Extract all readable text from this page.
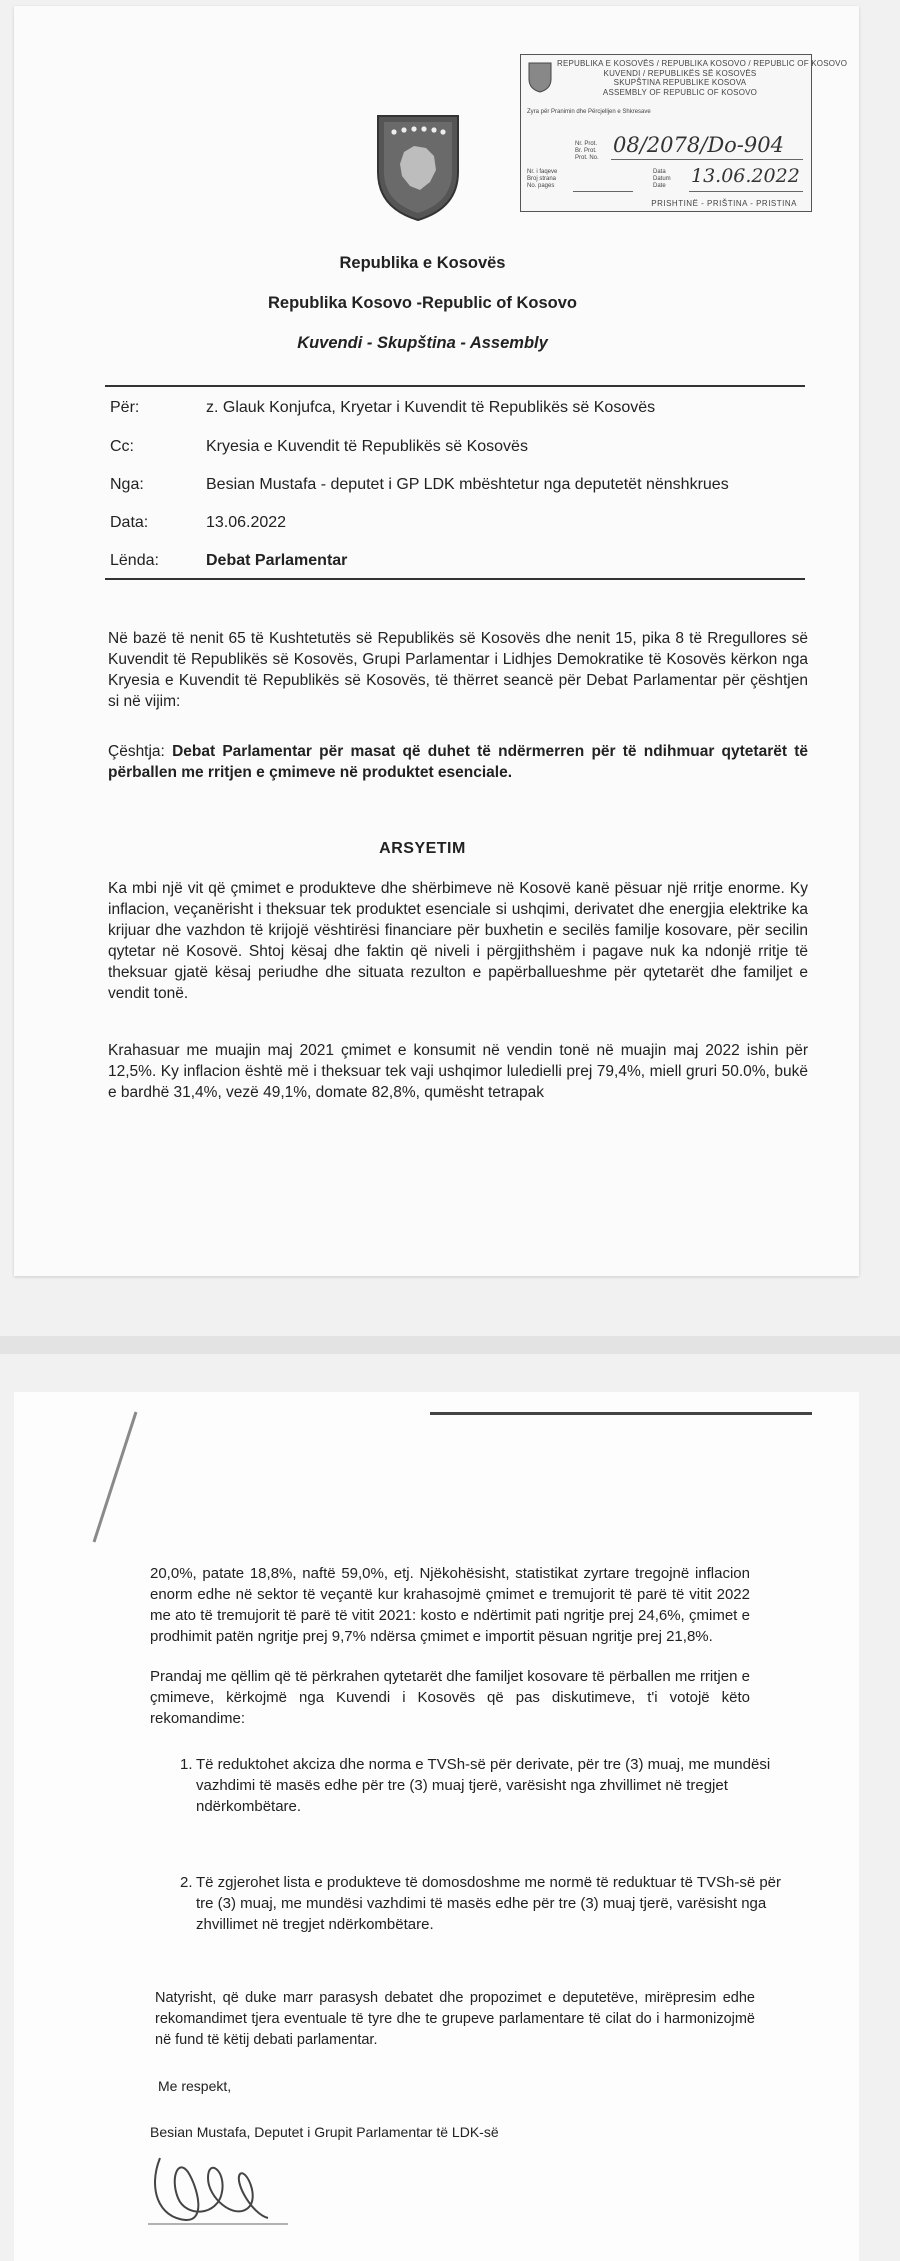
REPUBLIKA E KOSOVËS / REPUBLIKA KOSOVO / REPUBLIC OF KOSOVO
KUVENDI / REPUBLIKËS SË KOSOVËS
SKUPŠTINA REPUBLIKE KOSOVA
ASSEMBLY OF REPUBLIC OF KOSOVO
Zyra për Pranimin dhe Përcjelljen e Shkresave
Nr. Prot.
Br. Prot.
Prot. No.
08/2078/Do-904
Nr. i faqeve
Broj strana
No. pages
Data
Datum
Date 13.06.2022
PRISHTINË - PRIŠTINA - PRISTINA
Republika e Kosovës
Republika Kosovo -Republic of Kosovo
Kuvendi - Skupština - Assembly
Për:	z. Glauk Konjufca, Kryetar i Kuvendit të Republikës së Kosovës
Cc:	Kryesia e Kuvendit të Republikës së Kosovës
Nga:	Besian Mustafa - deputet i GP LDK mbështetur nga deputetët nënshkrues
Data:	13.06.2022
Lënda:	Debat Parlamentar
Në bazë të nenit 65 të Kushtetutës së Republikës së Kosovës dhe nenit 15, pika 8 të Rregullores së Kuvendit të Republikës së Kosovës, Grupi Parlamentar i Lidhjes Demokratike të Kosovës kërkon nga Kryesia e Kuvendit të Republikës së Kosovës, të thërret seancë për Debat Parlamentar për çështjen si në vijim:
Çështja: Debat Parlamentar për masat që duhet të ndërmerren për të ndihmuar qytetarët të përballen me rritjen e çmimeve në produktet esenciale.
ARSYETIM
Ka mbi një vit që çmimet e produkteve dhe shërbimeve në Kosovë kanë pësuar një rritje enorme. Ky inflacion, veçanërisht i theksuar tek produktet esenciale si ushqimi, derivatet dhe energjia elektrike ka krijuar dhe vazhdon të krijojë vështirësi financiare për buxhetin e secilës familje kosovare, për secilin qytetar në Kosovë. Shtoj kësaj dhe faktin që niveli i përgjithshëm i pagave nuk ka ndonjë rritje të theksuar gjatë kësaj periudhe dhe situata rezulton e papërballueshme për qytetarët dhe familjet e vendit tonë.
Krahasuar me muajin maj 2021 çmimet e konsumit në vendin tonë në muajin maj 2022 ishin për 12,5%. Ky inflacion është më i theksuar tek vaji ushqimor luledielli prej 79,4%, miell gruri 50.0%, bukë e bardhë 31,4%, vezë 49,1%, domate 82,8%, qumësht tetrapak
20,0%, patate 18,8%, naftë 59,0%, etj. Njëkohësisht, statistikat zyrtare tregojnë inflacion enorm edhe në sektor të veçantë kur krahasojmë çmimet e tremujorit të parë të vitit 2022 me ato të tremujorit të parë të vitit 2021: kosto e ndërtimit pati ngritje prej 24,6%, çmimet e prodhimit patën ngritje prej 9,7% ndërsa çmimet e importit pësuan ngritje prej 21,8%.
Prandaj me qëllim që të përkrahen qytetarët dhe familjet kosovare të përballen me rritjen e çmimeve, kërkojmë nga Kuvendi i Kosovës që pas diskutimeve, t'i votojë këto rekomandime:
1. Të reduktohet akciza dhe norma e TVSh-së për derivate, për tre (3) muaj, me mundësi vazhdimi të masës edhe për tre (3) muaj tjerë, varësisht nga zhvillimet në tregjet ndërkombëtare.
2. Të zgjerohet lista e produkteve të domosdoshme me normë të reduktuar të TVSh-së për tre (3) muaj, me mundësi vazhdimi të masës edhe për tre (3) muaj tjerë, varësisht nga zhvillimet në tregjet ndërkombëtare.
Natyrisht, që duke marr parasysh debatet dhe propozimet e deputetëve, mirëpresim edhe rekomandimet tjera eventuale të tyre dhe te grupeve parlamentare të cilat do i harmonizojmë në fund të këtij debati parlamentar.
Me respekt,
Besian Mustafa, Deputet i Grupit Parlamentar të LDK-së
